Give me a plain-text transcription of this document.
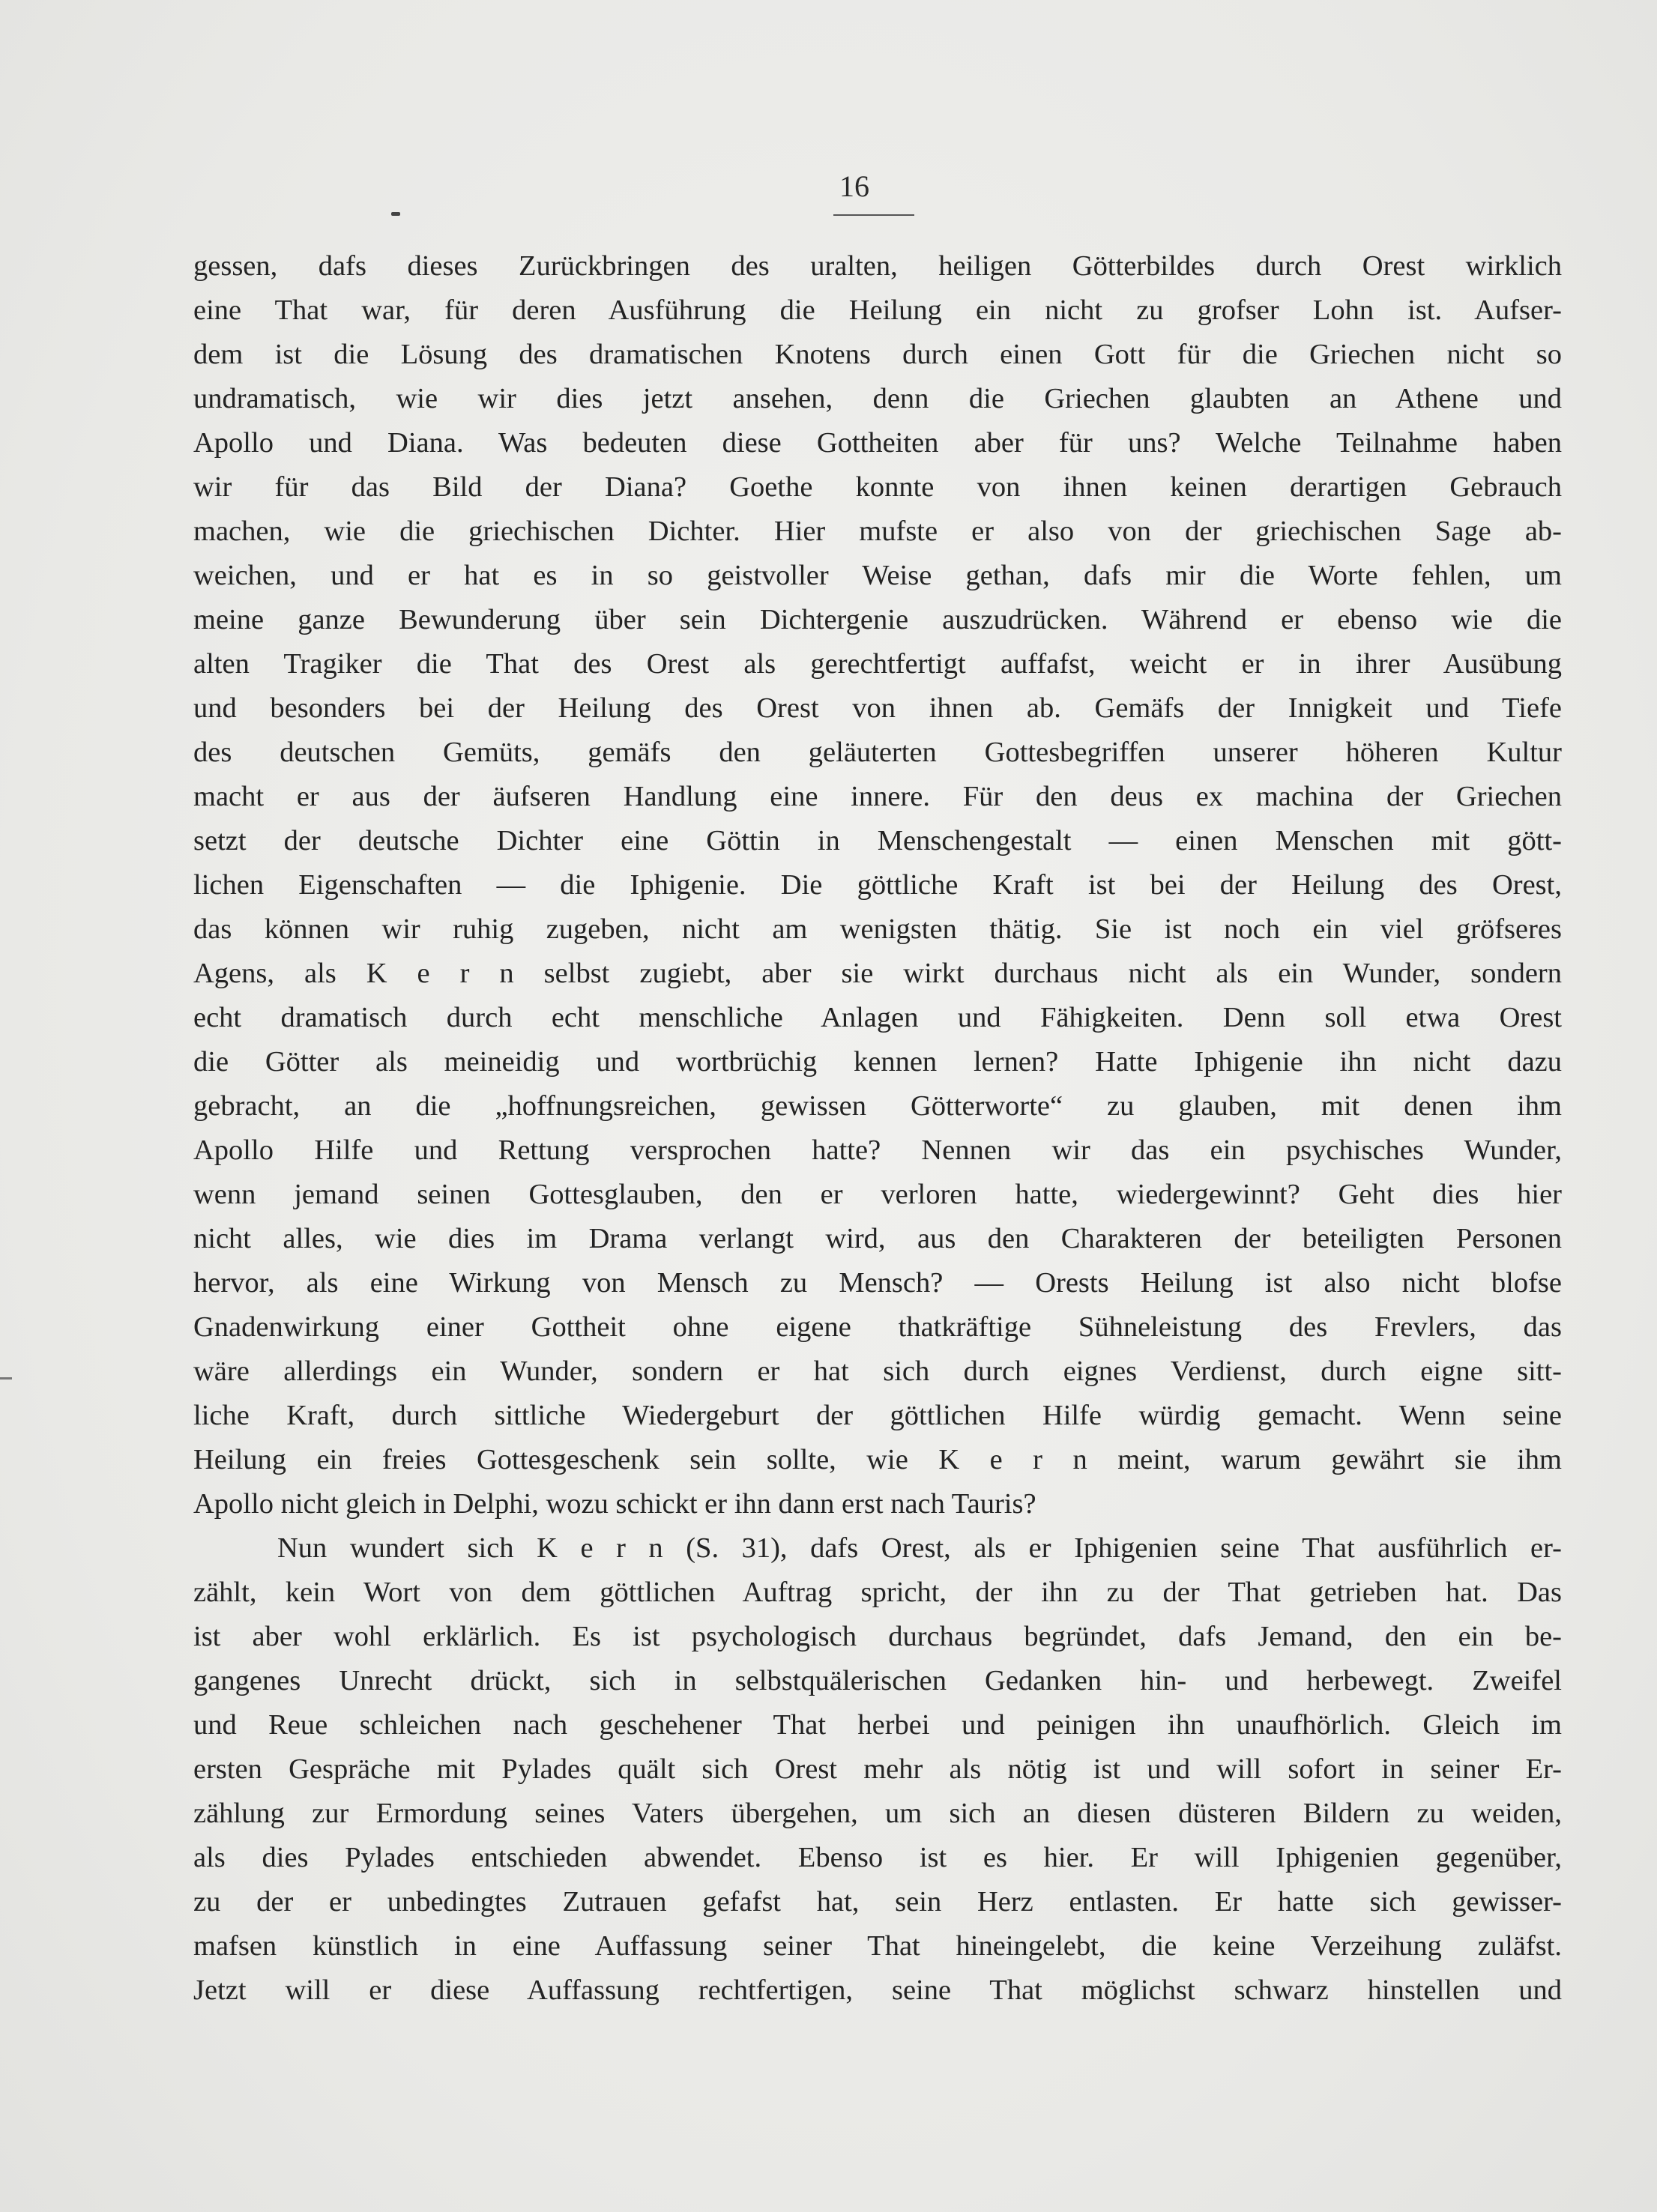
16
gessen, dafs dieses Zurückbringen des uralten, heiligen Götterbildes durch Orest wirklich
eine That war, für deren Ausführung die Heilung ein nicht zu grofser Lohn ist. Aufser-
dem ist die Lösung des dramatischen Knotens durch einen Gott für die Griechen nicht so
undramatisch, wie wir dies jetzt ansehen, denn die Griechen glaubten an Athene und
Apollo und Diana. Was bedeuten diese Gottheiten aber für uns? Welche Teilnahme haben
wir für das Bild der Diana? Goethe konnte von ihnen keinen derartigen Gebrauch
machen, wie die griechischen Dichter. Hier mufste er also von der griechischen Sage ab-
weichen, und er hat es in so geistvoller Weise gethan, dafs mir die Worte fehlen, um
meine ganze Bewunderung über sein Dichtergenie auszudrücken. Während er ebenso wie die
alten Tragiker die That des Orest als gerechtfertigt auffafst, weicht er in ihrer Ausübung
und besonders bei der Heilung des Orest von ihnen ab. Gemäfs der Innigkeit und Tiefe
des deutschen Gemüts, gemäfs den geläuterten Gottesbegriffen unserer höheren Kultur
macht er aus der äufseren Handlung eine innere. Für den deus ex machina der Griechen
setzt der deutsche Dichter eine Göttin in Menschengestalt — einen Menschen mit gött-
lichen Eigenschaften — die Iphigenie. Die göttliche Kraft ist bei der Heilung des Orest,
das können wir ruhig zugeben, nicht am wenigsten thätig. Sie ist noch ein viel gröfseres
Agens, als K e r n selbst zugiebt, aber sie wirkt durchaus nicht als ein Wunder, sondern
echt dramatisch durch echt menschliche Anlagen und Fähigkeiten. Denn soll etwa Orest
die Götter als meineidig und wortbrüchig kennen lernen? Hatte Iphigenie ihn nicht dazu
gebracht, an die „hoffnungsreichen, gewissen Götterworte“ zu glauben, mit denen ihm
Apollo Hilfe und Rettung versprochen hatte? Nennen wir das ein psychisches Wunder,
wenn jemand seinen Gottesglauben, den er verloren hatte, wiedergewinnt? Geht dies hier
nicht alles, wie dies im Drama verlangt wird, aus den Charakteren der beteiligten Personen
hervor, als eine Wirkung von Mensch zu Mensch? — Orests Heilung ist also nicht blofse
Gnadenwirkung einer Gottheit ohne eigene thatkräftige Sühneleistung des Frevlers, das
wäre allerdings ein Wunder, sondern er hat sich durch eignes Verdienst, durch eigne sitt-
liche Kraft, durch sittliche Wiedergeburt der göttlichen Hilfe würdig gemacht. Wenn seine
Heilung ein freies Gottesgeschenk sein sollte, wie K e r n meint, warum gewährt sie ihm
Apollo nicht gleich in Delphi, wozu schickt er ihn dann erst nach Tauris?
Nun wundert sich K e r n (S. 31), dafs Orest, als er Iphigenien seine That ausführlich er-
zählt, kein Wort von dem göttlichen Auftrag spricht, der ihn zu der That getrieben hat. Das
ist aber wohl erklärlich. Es ist psychologisch durchaus begründet, dafs Jemand, den ein be-
gangenes Unrecht drückt, sich in selbstquälerischen Gedanken hin- und herbewegt. Zweifel
und Reue schleichen nach geschehener That herbei und peinigen ihn unaufhörlich. Gleich im
ersten Gespräche mit Pylades quält sich Orest mehr als nötig ist und will sofort in seiner Er-
zählung zur Ermordung seines Vaters übergehen, um sich an diesen düsteren Bildern zu weiden,
als dies Pylades entschieden abwendet. Ebenso ist es hier. Er will Iphigenien gegenüber,
zu der er unbedingtes Zutrauen gefafst hat, sein Herz entlasten. Er hatte sich gewisser-
mafsen künstlich in eine Auffassung seiner That hineingelebt, die keine Verzeihung zuläfst.
Jetzt will er diese Auffassung rechtfertigen, seine That möglichst schwarz hinstellen und
